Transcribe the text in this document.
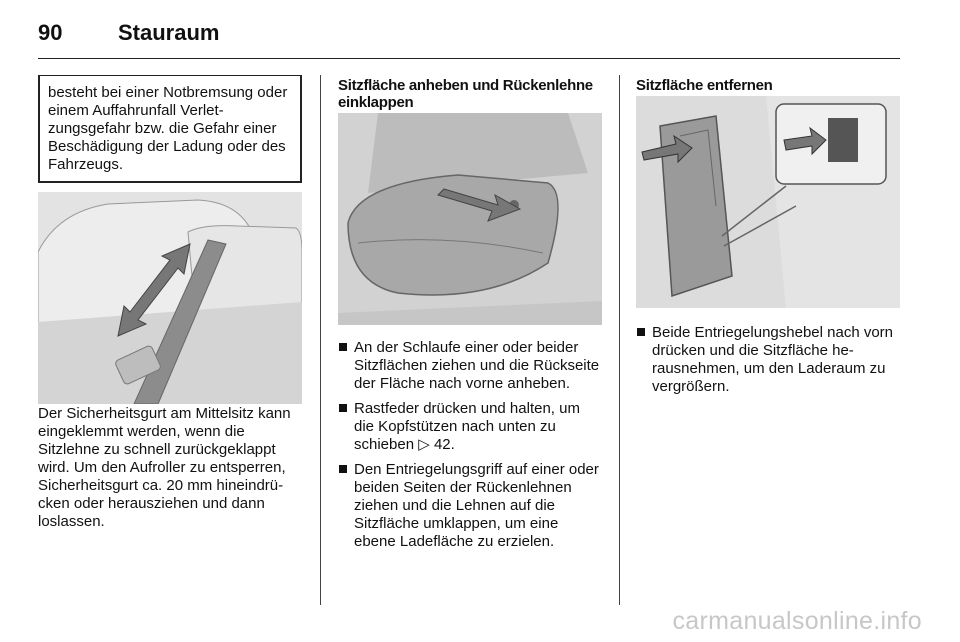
90	Stauraum
besteht bei einer Notbremsung oder einem Auffahrunfall Verletzungsgefahr bzw. die Gefahr einer Beschädigung der Ladung oder des Fahrzeugs.

Der Sicherheitsgurt am Mittelsitz kann eingeklemmt werden, wenn die Sitzlehne zu schnell zurückgeklappt wird. Um den Aufroller zu entsperren, Sicherheitsgurt ca. 20 mm hineindrücken oder herausziehen und dann loslassen.

Sitzfläche anheben und Rückenlehne einklappen
An der Schlaufe einer oder beider Sitzflächen ziehen und die Rückseite der Fläche nach vorne anheben.
Rastfeder drücken und halten, um die Kopfstützen nach unten zu schieben ▷ 42.
Den Entriegelungsgriff auf einer oder beiden Seiten der Rückenlehnen ziehen und die Lehnen auf die Sitzfläche umklappen, um eine ebene Ladefläche zu erzielen.
Sitzfläche entfernen
Beide Entriegelungshebel nach vorn drücken und die Sitzfläche herausnehmen, um den Laderaum zu vergrößern.
carmanualsonline.info
